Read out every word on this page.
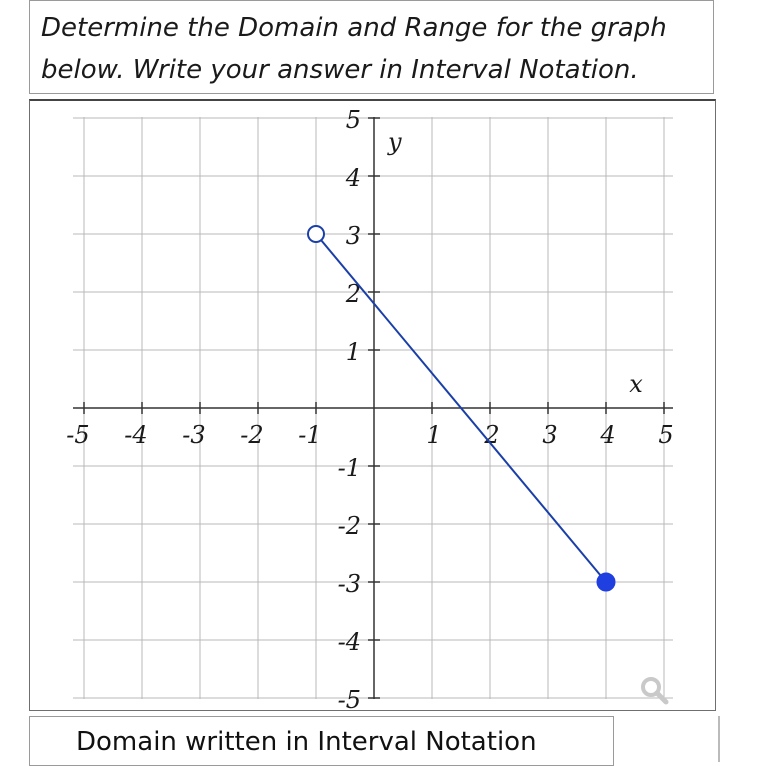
Determine the Domain and Range for the graph
below. Write your answer in Interval Notation.
-5 -4 -3 -2 -1	1 2 3 4 5
5
4
3
2
1
-1
-2
-3
-4
-5
x
y
Domain written in Interval Notation
